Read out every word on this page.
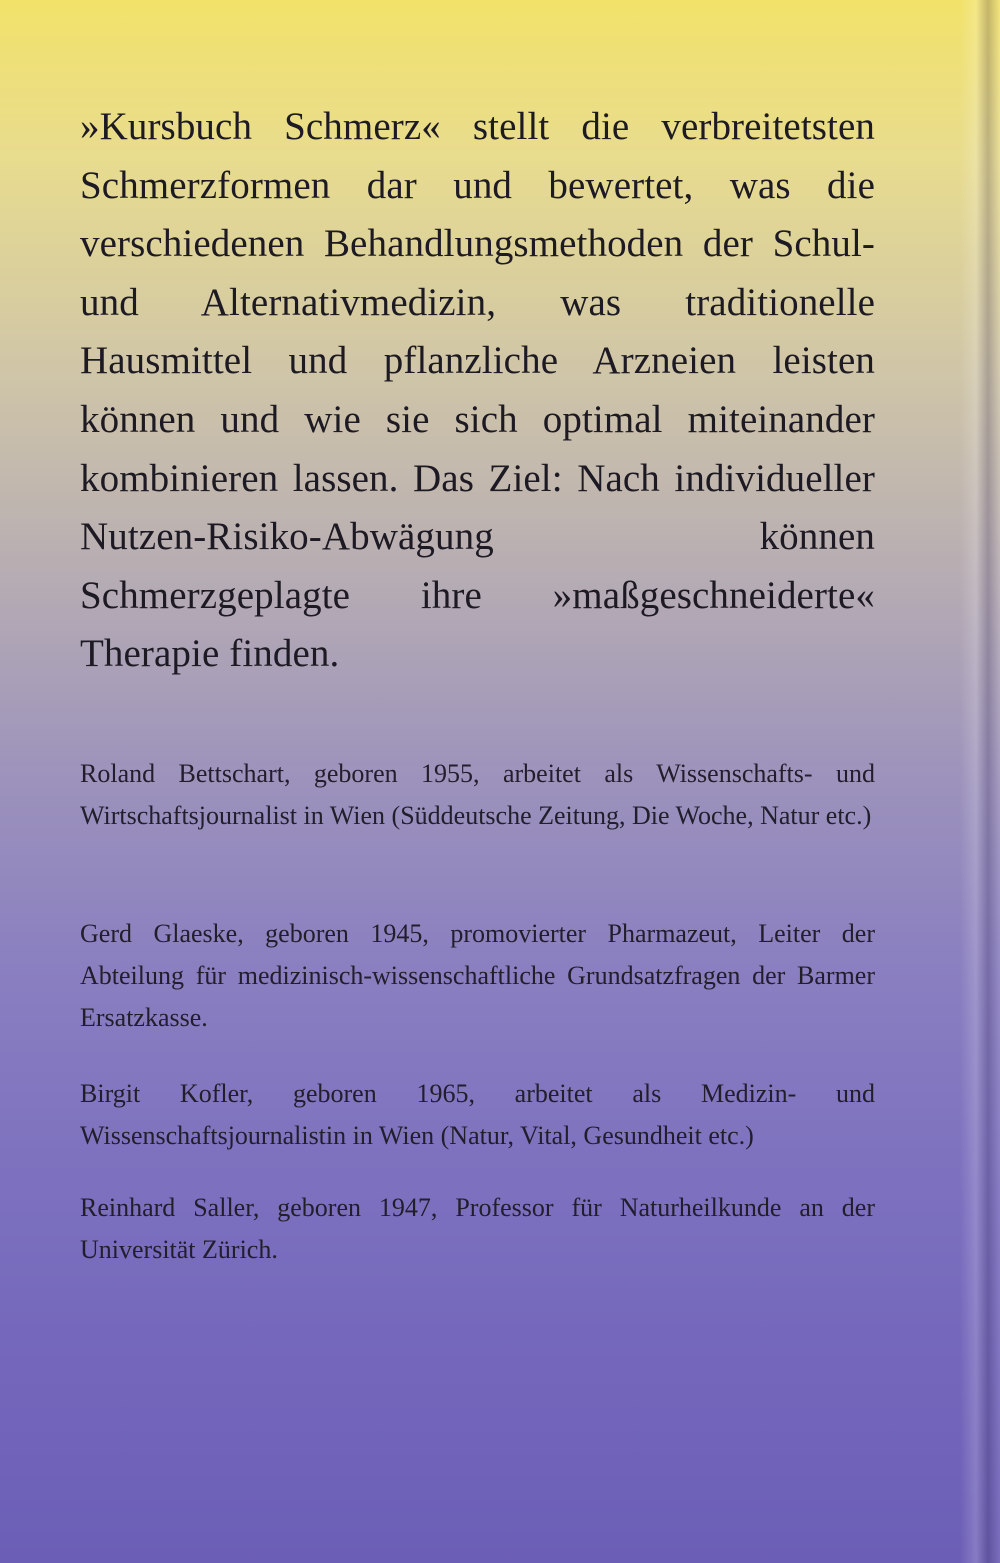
»Kursbuch Schmerz« stellt die verbreitetsten Schmerzformen dar und bewertet, was die verschiedenen Behandlungsmethoden der Schul- und Alternativmedizin, was traditionelle Hausmittel und pflanzliche Arzneien leisten können und wie sie sich optimal miteinander kombinieren lassen. Das Ziel: Nach individueller Nutzen-Risiko-Abwägung können Schmerzgeplagte ihre »maßgeschneiderte« Therapie finden.

Roland Bettschart, geboren 1955, arbeitet als Wissenschafts- und Wirtschaftsjournalist in Wien (Süddeutsche Zeitung, Die Woche, Natur etc.)

Gerd Glaeske, geboren 1945, promovierter Pharmazeut, Leiter der Abteilung für medizinisch-wissenschaftliche Grundsatzfragen der Barmer Ersatzkasse.

Birgit Kofler, geboren 1965, arbeitet als Medizin- und Wissenschaftsjournalistin in Wien (Natur, Vital, Gesundheit etc.)

Reinhard Saller, geboren 1947, Professor für Naturheilkunde an der Universität Zürich.
